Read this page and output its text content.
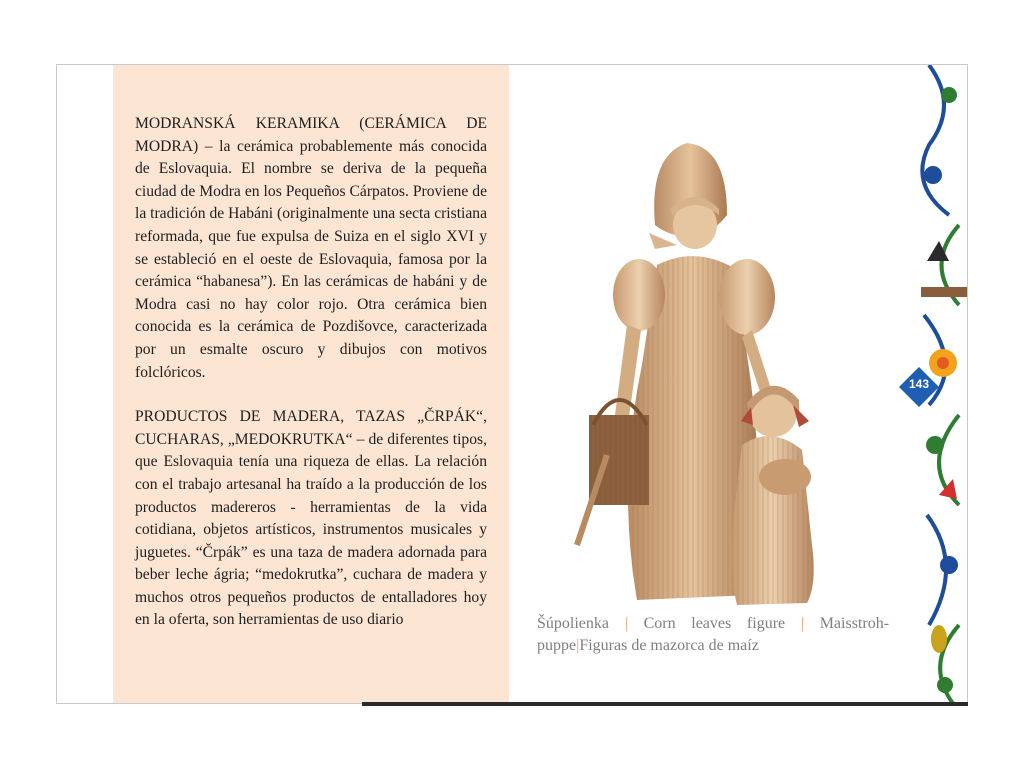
MODRANSKÁ KERAMIKA (CERÁMICA DE MODRA) – la cerámica probablemente más conocida de Eslovaquia. El nombre se deriva de la pequeña ciudad de Modra en los Pequeños Cárpatos. Proviene de la tradición de Habáni (originalmente una secta cristiana reformada, que fue expulsa de Suiza en el siglo XVI y se estableció en el oeste de Eslovaquia, famosa por la cerámica “habanesa”). En las cerámicas de habáni y de Modra casi no hay color rojo. Otra cerámica bien conocida es la cerámica de Pozdišovce, caracterizada por un esmalte oscuro y dibujos con motivos folclóricos.

PRODUCTOS DE MADERA, TAZAS „ČRPÁK“, CUCHARAS, „MEDOKRUTKA“ – de diferentes tipos, que Eslovaquia tenía una riqueza de ellas. La relación con el trabajo artesanal ha traído a la producción de los productos madereros - herramientas de la vida cotidiana, objetos artísticos, instrumentos musicales y juguetes. “Črpák” es una taza de madera adornada para beber leche ágria; “medokrutka”, cuchara de madera y muchos otros pequeños productos de entalladores hoy en la oferta, son herramientas de uso diario	Šúpolienka | Corn leaves figure | Maisstrohpuppe|Figuras de mazorca de maíz
143
